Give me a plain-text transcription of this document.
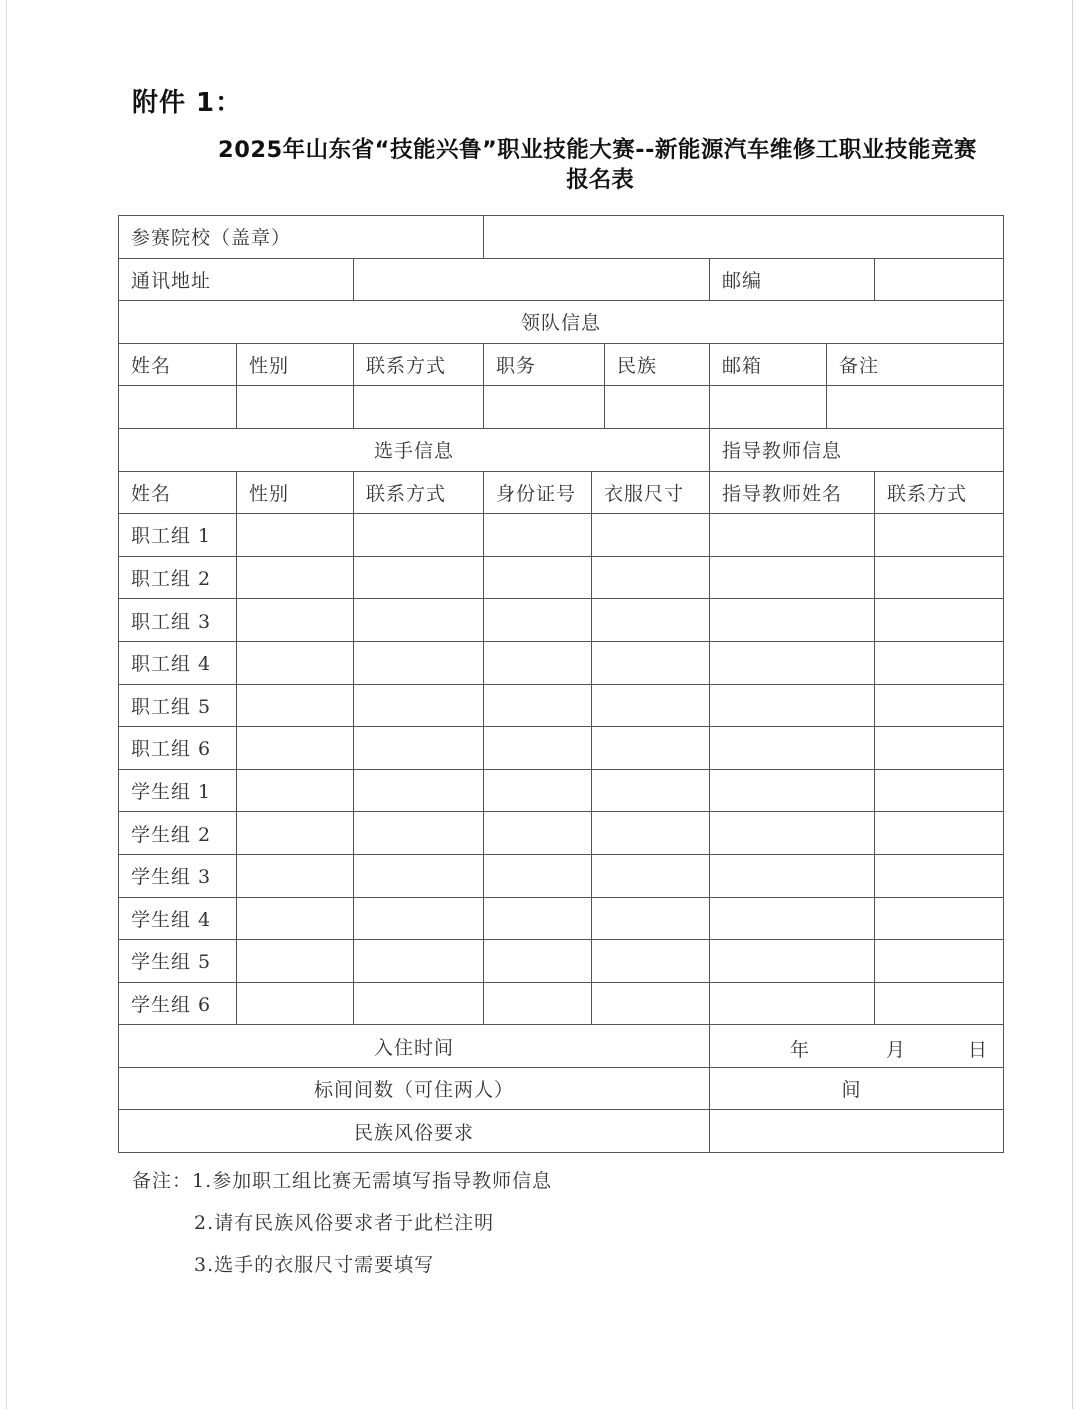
附件 1：
2025年山东省“技能兴鲁”职业技能大赛--新能源汽车维修工职业技能竞赛
报名表
参赛院校（盖章）								
通讯地址						邮编		
领队信息								
姓名	性别	联系方式	职务		民族	邮箱	备注	

选手信息						指导教师信息		
姓名	性别	联系方式	身份证号	衣服尺寸		指导教师姓名		联系方式
职工组 1								
职工组 2								
职工组 3								
职工组 4								
职工组 5								
职工组 6								
学生组 1								
学生组 2								
学生组 3								
学生组 4								
学生组 5								
学生组 6								
入住时间						年 月 日		

标间间数（可住两人）						间		
民族风俗要求								
备注：1.参加职工组比赛无需填写指导教师信息
2.请有民族风俗要求者于此栏注明
3.选手的衣服尺寸需要填写
